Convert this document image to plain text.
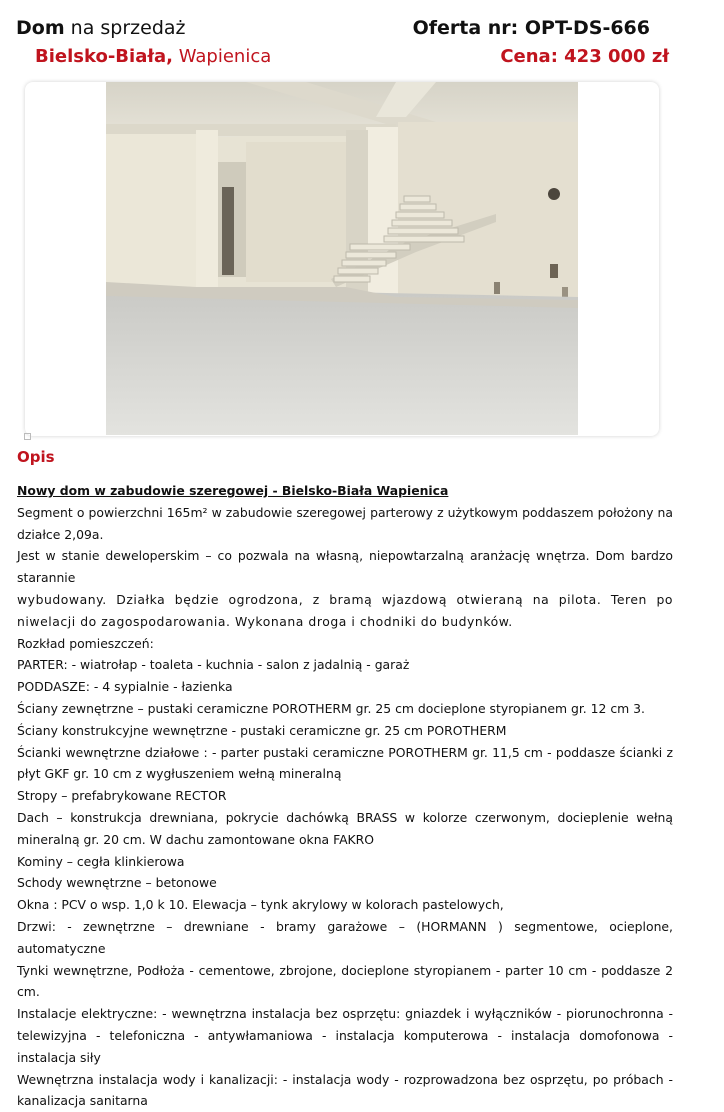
Dom na sprzedaż
Bielsko-Biała, Wapienica
Oferta nr: OPT-DS-666
Cena: 423 000 zł
Opis

Nowy dom w zabudowie szeregowej - Bielsko-Biała Wapienica

Segment o powierzchni 165m² w zabudowie szeregowej parterowy z użytkowym poddaszem położony na działce 2,09a.

Jest w stanie deweloperskim – co pozwala na własną, niepowtarzalną aranżację wnętrza. Dom bardzo starannie

wybudowany. Działka będzie ogrodzona, z bramą wjazdową otwieraną na pilota. Teren po niwelacji do zagospodarowania. Wykonana droga i chodniki do budynków.

Rozkład pomieszczeń:

PARTER: - wiatrołap - toaleta - kuchnia - salon z jadalnią - garaż

PODDASZE: - 4 sypialnie - łazienka

Ściany zewnętrzne – pustaki ceramiczne POROTHERM gr. 25 cm docieplone styropianem gr. 12 cm 3.

Ściany konstrukcyjne wewnętrzne - pustaki ceramiczne gr. 25 cm POROTHERM

Ścianki wewnętrzne działowe : - parter pustaki ceramiczne POROTHERM gr. 11,5 cm - poddasze ścianki z płyt GKF gr. 10 cm z wygłuszeniem wełną mineralną

Stropy – prefabrykowane RECTOR

Dach – konstrukcja drewniana, pokrycie dachówką BRASS w kolorze czerwonym, docieplenie wełną mineralną gr. 20 cm. W dachu zamontowane okna FAKRO

Kominy – cegła klinkierowa

Schody wewnętrzne – betonowe

Okna : PCV o wsp. 1,0 k 10. Elewacja – tynk akrylowy w kolorach pastelowych,

Drzwi: - zewnętrzne – drewniane - bramy garażowe – (HORMANN ) segmentowe, ocieplone, automatyczne

Tynki wewnętrzne, Podłoża - cementowe, zbrojone, docieplone styropianem - parter 10 cm - poddasze 2 cm.

Instalacje elektryczne: - wewnętrzna instalacja bez osprzętu: gniazdek i wyłączników - piorunochronna - telewizyjna - telefoniczna - antywłamaniowa - instalacja komputerowa - instalacja domofonowa - instalacja siły

Wewnętrzna instalacja wody i kanalizacji: - instalacja wody - rozprowadzona bez osprzętu, po próbach - kanalizacja sanitarna
